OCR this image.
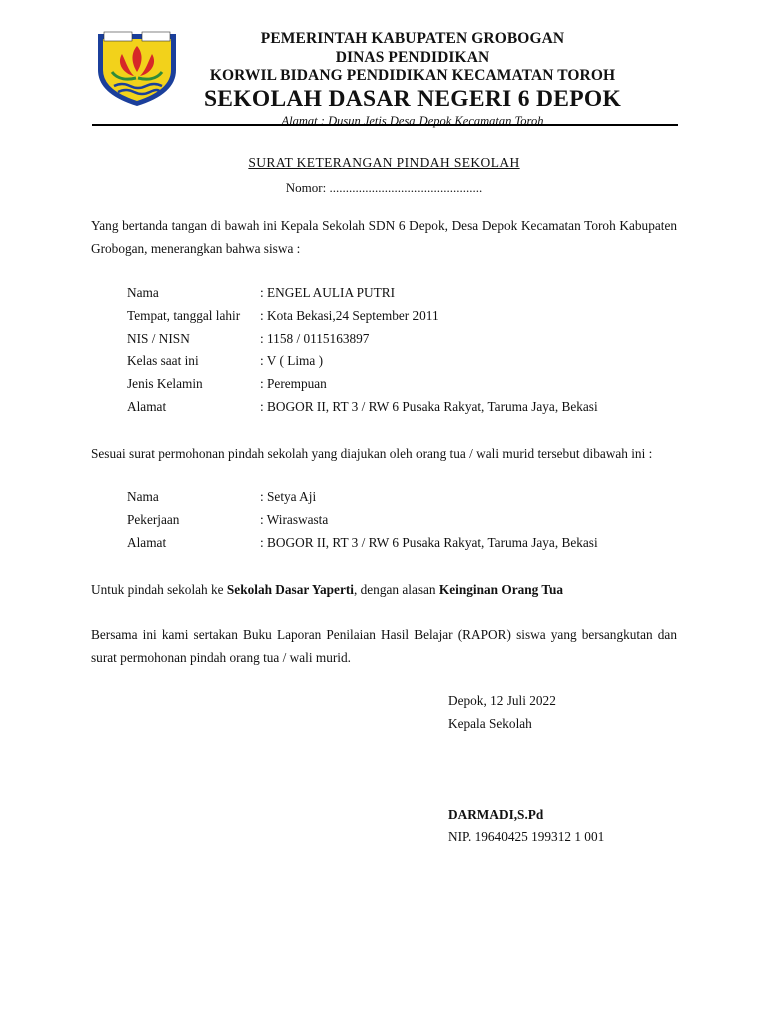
PEMERINTAH KABUPATEN GROBOGAN
DINAS PENDIDIKAN
KORWIL BIDANG PENDIDIKAN KECAMATAN TOROH
SEKOLAH DASAR NEGERI 6 DEPOK
Alamat : Dusun Jetis Desa Depok Kecamatan Toroh
SURAT KETERANGAN PINDAH SEKOLAH
Nomor: ...............................................
Yang bertanda tangan di bawah ini Kepala Sekolah SDN 6 Depok, Desa Depok Kecamatan Toroh Kabupaten Grobogan, menerangkan bahwa siswa :
Nama	: ENGEL AULIA PUTRI
Tempat, tanggal lahir : Kota Bekasi,24 September 2011
NIS / NISN	: 1158 / 0115163897
Kelas saat ini	: V ( Lima )
Jenis Kelamin	: Perempuan
Alamat	: BOGOR II, RT 3 / RW 6 Pusaka Rakyat, Taruma Jaya, Bekasi
Sesuai surat permohonan pindah sekolah yang diajukan oleh orang tua / wali murid tersebut dibawah ini :
Nama	: Setya Aji
Pekerjaan	: Wiraswasta
Alamat	: BOGOR II, RT 3 / RW 6 Pusaka Rakyat, Taruma Jaya, Bekasi
Untuk pindah sekolah ke Sekolah Dasar Yaperti, dengan alasan Keinginan Orang Tua
Bersama ini kami sertakan Buku Laporan Penilaian Hasil Belajar (RAPOR) siswa yang bersangkutan dan surat permohonan pindah orang tua / wali murid.
Depok, 12 Juli 2022
Kepala Sekolah
DARMADI,S.Pd
NIP. 19640425 199312 1 001
